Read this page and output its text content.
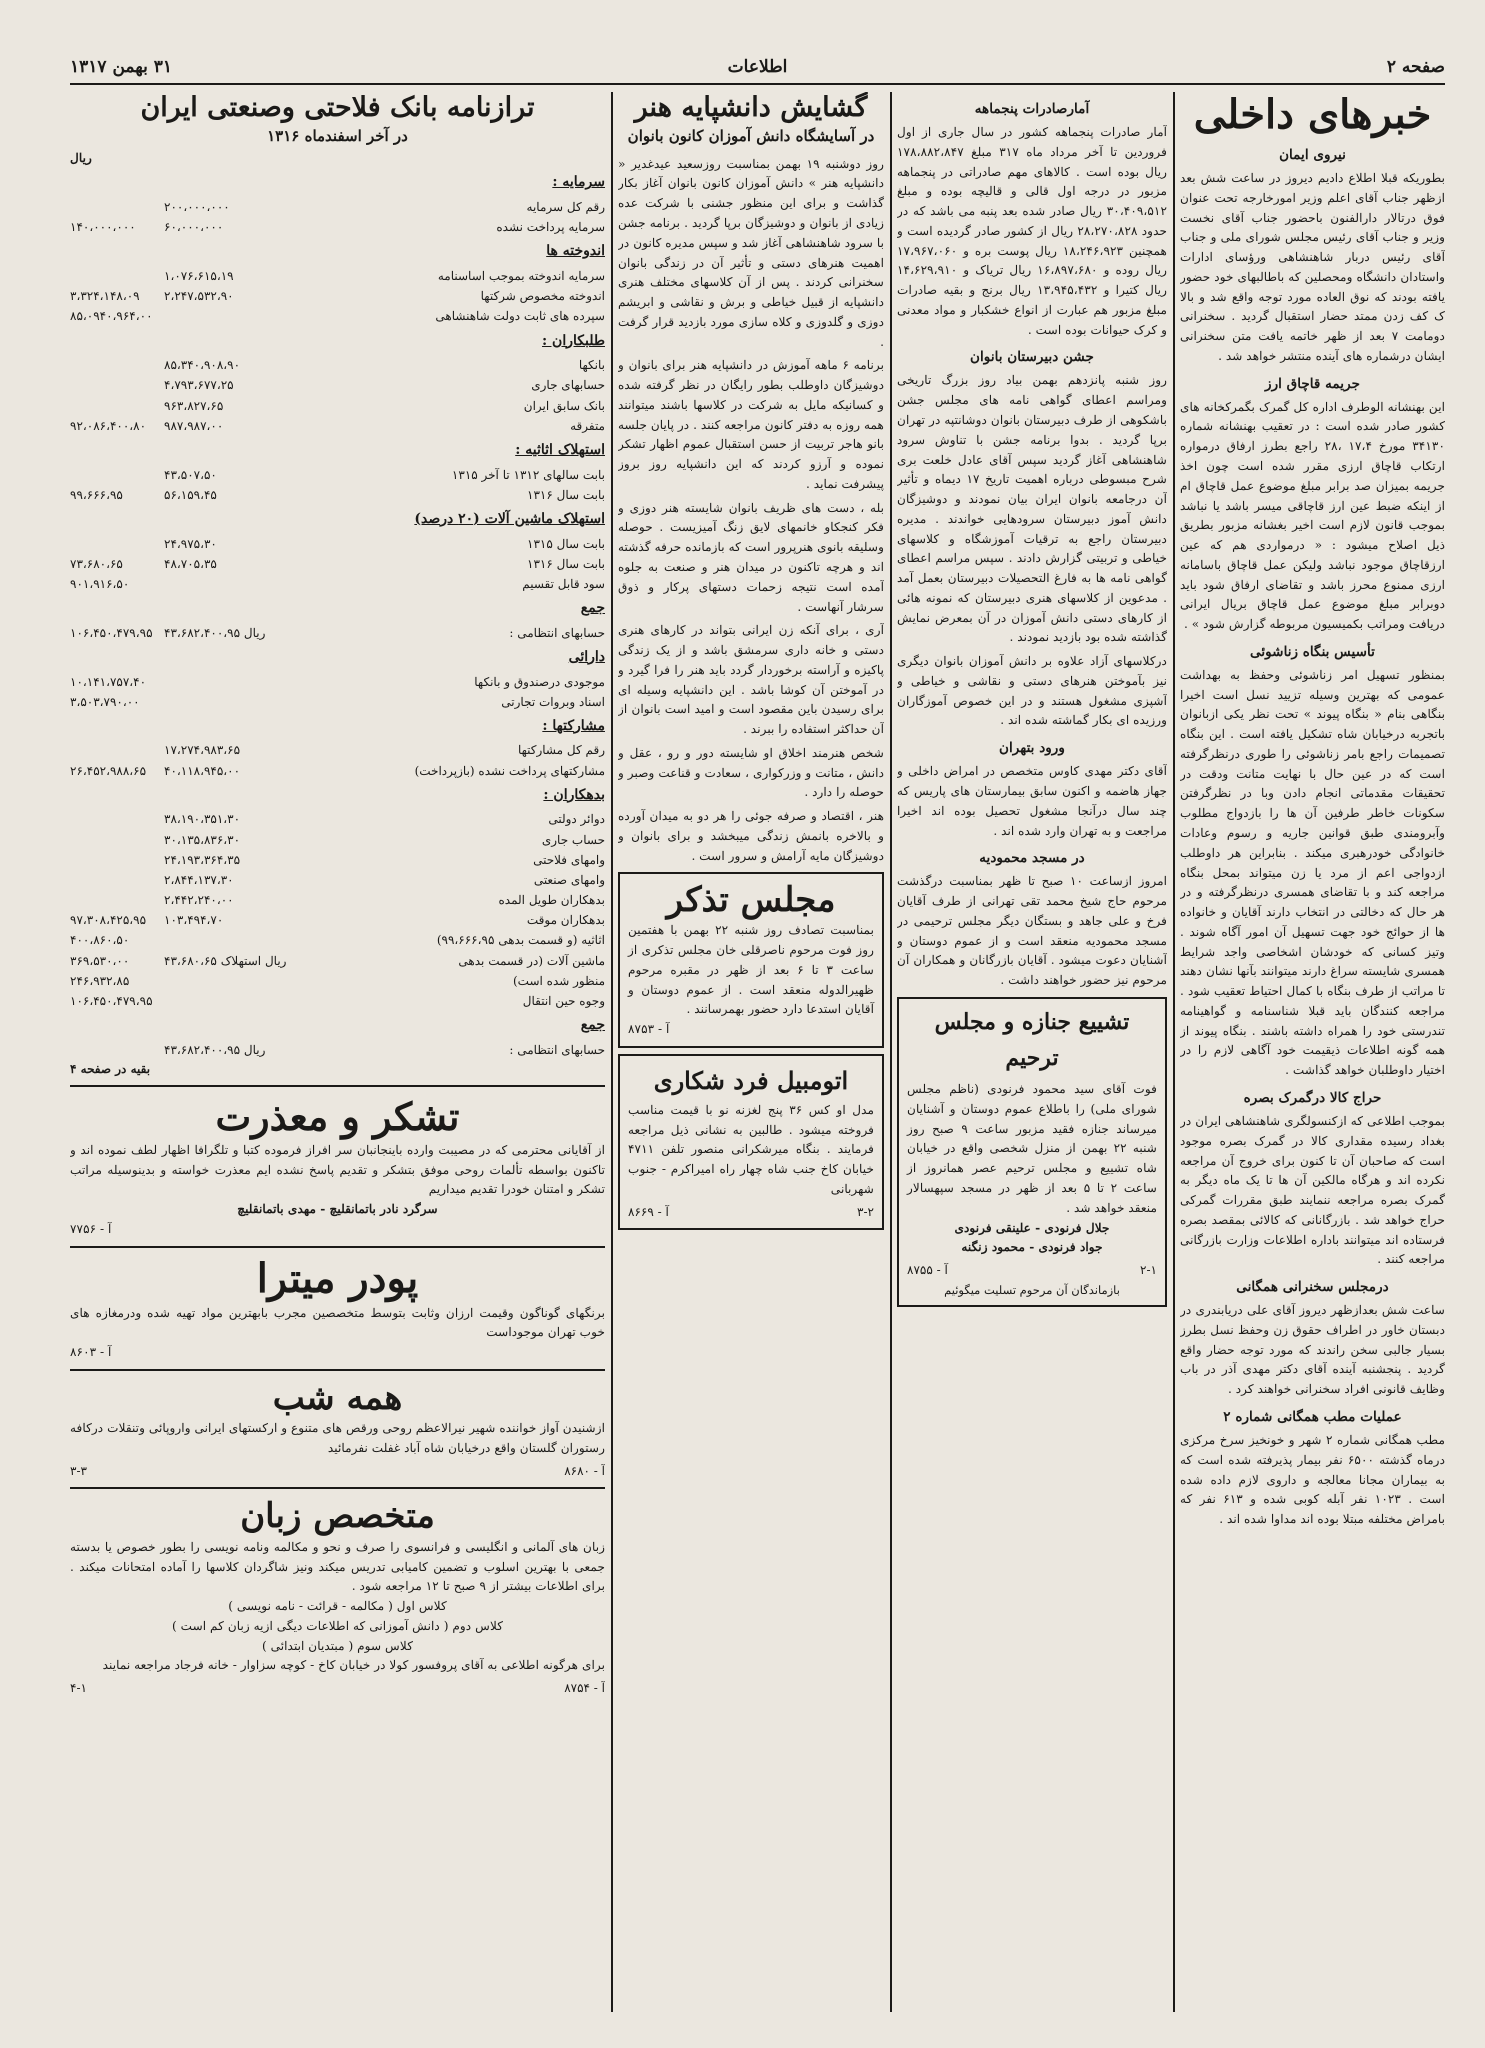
صفحه ۲
اطلاعات
۳۱ بهمن ۱۳۱۷
خبرهای داخلی
نیروی ایمان
بطوریکه قبلا اطلاع دادیم دیروز در ساعت شش بعد ازظهر جناب آقای اعلم وزیر امورخارجه تحت عنوان فوق درتالار دارالفنون باحضور جناب آقای نخست وزیر و جناب آقای رئیس مجلس شورای ملی و جناب آقای رئیس دربار شاهنشاهی ورؤسای ادارات واستادان دانشگاه ومحصلین که باطالبهای خود حضور یافته بودند که نوق العاده مورد توجه واقع شد و بالا ک کف زدن ممتد حضار استقبال گردید . سخنرانی دومامت ۷ بعد از ظهر خاتمه یافت متن سخنرانی ایشان درشماره های آینده منتشر خواهد شد .
جریمه قاچاق ارز
این بهنشانه الوطرف اداره کل گمرک بگمرکخانه های کشور صادر شده است : در تعقیب بهنشانه شماره ۳۴۱۳۰ مورخ ۱۷،۴ ،۲۸ راجع بطرز ارفاق درمواره ارتکاب قاچاق ارزی مقرر شده است چون اخذ جریمه بمیزان صد برابر مبلغ موضوع عمل قاچاق ام از اینکه ضبط عین ارز قاچاقی میسر باشد یا نباشد بموجب قانون لازم است اخیر بغشانه مزبور بطریق ذیل اصلاح میشود : « درمواردی هم که عین ارزقاچاق موجود نباشد ولیکن عمل قاچاق باسامانه ارزی ممنوع محرز باشد و تقاضای ارفاق شود باید دوبرابر مبلغ موضوع عمل قاچاق بریال ایرانی دریافت ومراتب بکمیسیون مربوطه گزارش شود » .
تأسیس بنگاه زناشوئی
بمنظور تسهیل امر زناشوئی وحفظ به بهداشت عمومی که بهترین وسیله تزیید نسل است اخیرا بنگاهی بنام « بنگاه پیوند » تحت نظر یکی ازبانوان باتجربه درخیابان شاه تشکیل یافته است . این بنگاه تصمیمات راجع بامر زناشوئی را طوری درنظرگرفته است که در عین حال با نهایت متانت ودقت در تحقیقات مقدماتی انجام دادن وبا در نظرگرفتن سکونات خاطر طرفین آن ها را بازدواج مطلوب وآبرومندی طبق قوانین جاریه و رسوم وعادات خانوادگی خودرهبری میکند . بنابراین هر داوطلب ازدواجی اعم از مرد یا زن میتواند بمحل بنگاه مراجعه کند و با تقاضای همسری درنظرگرفته و در هر حال که دخالتی در انتخاب دارند آقایان و خانواده ها از حوائج خود جهت تسهیل آن امور آگاه شوند . وتیز کسانی که خودشان اشخاصی واجد شرایط همسری شایسته سراغ دارند میتوانند بآنها نشان دهند تا مراتب از طرف بنگاه با کمال احتیاط تعقیب شود . مراجعه کنندگان باید قبلا شناسنامه و گواهینامه تندرستی خود را همراه داشته باشند . بنگاه پیوند از همه گونه اطلاعات ذیقیمت خود آگاهی لازم را در اختیار داوطلبان خواهد گذاشت .
حراج کالا درگمرک بصره
بموجب اطلاعی که ازکنسولگری شاهنشاهی ایران در بغداد رسیده مقداری کالا در گمرک بصره موجود است که صاحبان آن تا کنون برای خروج آن مراجعه نکرده اند و هرگاه مالکین آن ها تا یک ماه دیگر به گمرک بصره مراجعه ننمایند طبق مقررات گمرکی حراج خواهد شد . بازرگانانی که کالائی بمقصد بصره فرستاده اند میتوانند باداره اطلاعات وزارت بازرگانی مراجعه کنند .
درمجلس سخنرانی همگانی
ساعت شش بعدازظهر دیروز آقای علی دریابندری در دبستان خاور در اطراف حقوق زن وحفظ نسل بطرز بسیار جالبی سخن راندند که مورد توجه حضار واقع گردید . پنجشنبه آینده آقای دکتر مهدی آذر در باب وظایف قانونی افراد سخنرانی خواهند کرد .
عملیات مطب همگانی شماره ۲
مطب همگانی شماره ۲ شهر و خونخیز سرخ مرکزی درماه گذشته ۶۵۰۰ نفر بیمار پذیرفته شده است که به بیماران مجانا معالجه و داروی لازم داده شده است . ۱۰۲۳ نفر آبله کوبی شده و ۶۱۳ نفر که بامراض مختلفه مبتلا بوده اند مداوا شده اند .
آمارصادرات پنجماهه
آمار صادرات پنجماهه کشور در سال جاری از اول فروردین تا آخر مرداد ماه ۳۱۷ مبلغ ۱۷۸،۸۸۲،۸۴۷ ریال بوده است . کالاهای مهم صادراتی در پنجماهه مزبور در درجه اول قالی و قالیچه بوده و مبلغ ۳۰،۴۰۹،۵۱۲ ریال صادر شده بعد پنبه می باشد که در حدود ۲۸،۲۷۰،۸۲۸ ریال از کشور صادر گردیده است و همچنین ۱۸،۲۴۶،۹۲۳ ریال پوست بره و ۱۷،۹۶۷،۰۶۰ ریال روده و ۱۶،۸۹۷،۶۸۰ ریال تریاک و ۱۴،۶۲۹،۹۱۰ ریال کتیرا و ۱۳،۹۴۵،۴۳۲ ریال برنج و بقیه صادرات مبلغ مزبور هم عبارت از انواع خشکبار و مواد معدنی و کرک حیوانات بوده است .
جشن دبیرستان بانوان
روز شنبه پانزدهم بهمن بیاد روز بزرگ تاریخی ومراسم اعطای گواهی نامه های مجلس جشن باشکوهی از طرف دبیرستان بانوان دوشانتپه در تهران برپا گردید . بدوا برنامه جشن با تناوش سرود شاهنشاهی آغاز گردید سپس آقای عادل خلعت بری شرح مبسوطی درباره اهمیت تاریخ ۱۷ دیماه و تأثیر آن درجامعه بانوان ایران بیان نمودند و دوشیزگان دانش آموز دبیرستان سرودهایی خواندند . مدیره دبیرستان راجع به ترقیات آموزشگاه و کلاسهای خیاطی و تربیتی گزارش دادند . سپس مراسم اعطای گواهی نامه ها به فارغ التحصیلات دبیرستان بعمل آمد . مدعوین از کلاسهای هنری دبیرستان که نمونه هائی از کارهای دستی دانش آموزان در آن بمعرض نمایش گذاشته شده بود بازدید نمودند .
درکلاسهای آزاد علاوه بر دانش آموزان بانوان دیگری نیز بآموختن هنرهای دستی و نقاشی و خیاطی و آشپزی مشغول هستند و در این خصوص آموزگاران ورزیده ای بکار گماشته شده اند .
ورود بتهران
آقای دکتر مهدی کاوس متخصص در امراض داخلی و جهاز هاضمه و اکنون سابق بیمارستان های پاریس که چند سال درآنجا مشغول تحصیل بوده اند اخیرا مراجعت و به تهران وارد شده اند .
در مسجد محمودیه
امروز ازساعت ۱۰ صبح تا ظهر بمناسبت درگذشت مرحوم حاج شیخ محمد تقی تهرانی از طرف آقایان فرخ و علی جاهد و بستگان دیگر مجلس ترحیمی در مسجد محمودیه منعقد است و از عموم دوستان و آشنایان دعوت میشود . آقایان بازرگانان و همکاران آن مرحوم نیز حضور خواهند داشت .
تشییع جنازه و مجلس ترحیم
فوت آقای سید محمود فرنودی (ناظم مجلس شورای ملی) را باطلاع عموم دوستان و آشنایان میرساند جنازه فقید مزبور ساعت ۹ صبح روز شنبه ۲۲ بهمن از منزل شخصی واقع در خیابان شاه تشییع و مجلس ترحیم عصر همانروز از ساعت ۲ تا ۵ بعد از ظهر در مسجد سپهسالار منعقد خواهد شد .
جلال فرنودی - علینقی فرنودی
جواد فرنودی - محمود زنگنه
۲-۱
آ - ۸۷۵۵
بازماندگان آن مرحوم تسلیت میگوئیم
گشایش دانشپایه هنر
در آسایشگاه دانش آموزان کانون بانوان
روز دوشنبه ۱۹ بهمن بمناسبت روزسعید عیدغدیر « دانشپایه هنر » دانش آموزان کانون بانوان آغاز بکار گذاشت و برای این منظور جشنی با شرکت عده زیادی از بانوان و دوشیزگان برپا گردید . برنامه جشن با سرود شاهنشاهی آغاز شد و سپس مدیره کانون در اهمیت هنرهای دستی و تأثیر آن در زندگی بانوان سخنرانی کردند . پس از آن کلاسهای مختلف هنری دانشپایه از قبیل خیاطی و برش و نقاشی و ابریشم دوزی و گلدوزی و کلاه سازی مورد بازدید قرار گرفت .
برنامه ۶ ماهه آموزش در دانشپایه هنر برای بانوان و دوشیزگان داوطلب بطور رایگان در نظر گرفته شده و کسانیکه مایل به شرکت در کلاسها باشند میتوانند همه روزه به دفتر کانون مراجعه کنند . در پایان جلسه بانو هاجر تربیت از حسن استقبال عموم اظهار تشکر نموده و آرزو کردند که این دانشپایه روز بروز پیشرفت نماید .
بله ، دست های ظریف بانوان شایسته هنر دوزی و فکر کنجکاو خانمهای لایق زنگ آمیزیست . حوصله وسلیقه بانوی هنرپرور است که بازمانده حرفه گذشته اند و هرچه تاکنون در میدان هنر و صنعت به جلوه آمده است نتیجه زحمات دستهای پرکار و ذوق سرشار آنهاست .
آری ، برای آنکه زن ایرانی بتواند در کارهای هنری دستی و خانه داری سرمشق باشد و از یک زندگی پاکیزه و آراسته برخوردار گردد باید هنر را فرا گیرد و در آموختن آن کوشا باشد . این دانشپایه وسیله ای برای رسیدن باین مقصود است و امید است بانوان از آن حداکثر استفاده را ببرند .
شخص هنرمند اخلاق او شایسته دور و رو ، عقل و دانش ، متانت و وزرکواری ، سعادت و قناعت وصبر و حوصله را دارد .
هنر ، اقتصاد و صرفه جوئی را هر دو به میدان آورده و بالاخره بانمش زندگی میبخشد و برای بانوان و دوشیزگان مایه آرامش و سرور است .
مجلس تذکر
بمناسبت تصادف روز شنبه ۲۲ بهمن با هفتمین روز فوت مرحوم ناصرقلی خان مجلس تذکری از ساعت ۳ تا ۶ بعد از ظهر در مقبره مرحوم ظهیرالدوله منعقد است . از عموم دوستان و آقایان استدعا دارد حضور بهمرسانند .
آ - ۸۷۵۳
اتومبیل فرد شکاری
مدل او کس ۳۶ پنج لغزنه نو با قیمت مناسب فروخته میشود . طالبین به نشانی ذیل مراجعه فرمایند . بنگاه میرشکرانی منصور تلفن ۴۷۱۱ خیابان کاخ جنب شاه چهار راه امیراکرم - جنوب شهربانی
۳-۲
آ - ۸۶۶۹
ترازنامه بانک فلاحتی وصنعتی ایران
در آخر اسفندماه ۱۳۱۶
ریال
سرمایه :
رقم کل سرمایه
۲۰۰،۰۰۰،۰۰۰
سرمایه پرداخت نشده
۶۰،۰۰۰،۰۰۰
۱۴۰،۰۰۰،۰۰۰
اندوخته ها
سرمایه اندوخته بموجب اساسنامه
۱،۰۷۶،۶۱۵،۱۹
اندوخته مخصوص شرکتها
۲،۲۴۷،۵۳۲،۹۰
۳،۳۲۴،۱۴۸،۰۹
سپرده های ثابت دولت شاهنشاهی
۸۵،۰۹۴۰،۹۶۴،۰۰
طلبکاران :
بانکها
۸۵،۳۴۰،۹۰۸،۹۰
حسابهای جاری
۴،۷۹۳،۶۷۷،۲۵
بانک سابق ایران
۹۶۳،۸۲۷،۶۵
متفرقه
۹۸۷،۹۸۷،۰۰
۹۲،۰۸۶،۴۰۰،۸۰
استهلاک اثاثیه :
بابت سالهای ۱۳۱۲ تا آخر ۱۳۱۵
۴۳،۵۰۷،۵۰
بابت سال ۱۳۱۶
۵۶،۱۵۹،۴۵
۹۹،۶۶۶،۹۵
استهلاک ماشین آلات (۲۰ درصد)
بابت سال ۱۳۱۵
۲۴،۹۷۵،۳۰
بابت سال ۱۳۱۶
۴۸،۷۰۵،۳۵
۷۳،۶۸۰،۶۵
سود قابل تقسیم
۹۰۱،۹۱۶،۵۰
جمع
حسابهای انتظامی :
۴۳،۶۸۲،۴۰۰،۹۵ ریال
۱۰۶،۴۵۰،۴۷۹،۹۵
دارائی
موجودی درصندوق و بانکها
۱۰،۱۴۱،۷۵۷،۴۰
اسناد وبروات تجارتی
۳،۵۰۳،۷۹۰،۰۰
مشارکتها :
رقم کل مشارکتها
۱۷،۲۷۴،۹۸۳،۶۵
مشارکتهای پرداخت نشده (بازپرداخت)
۴۰،۱۱۸،۹۴۵،۰۰
۲۶،۴۵۲،۹۸۸،۶۵
بدهکاران :
دوائر دولتی
۳۸،۱۹۰،۳۵۱،۳۰
حساب جاری
۳۰،۱۳۵،۸۳۶،۳۰
وامهای فلاحتی
۲۴،۱۹۳،۳۶۴،۳۵
وامهای صنعتی
۲،۸۴۴،۱۳۷،۳۰
بدهکاران طویل المده
۲،۴۴۲،۲۴۰،۰۰
بدهکاران موقت
۱۰۳،۴۹۴،۷۰
۹۷،۳۰۸،۴۲۵،۹۵
اثاثیه (و قسمت بدهی ۹۹،۶۶۶،۹۵)
۴۰۰،۸۶۰،۵۰
ماشین آلات (در قسمت بدهی
۴۳،۶۸۰،۶۵ ریال استهلاک
۳۶۹،۵۳۰،۰۰
منظور شده است)
۲۴۶،۹۳۲،۸۵
وجوه حین انتقال
۱۰۶،۴۵۰،۴۷۹،۹۵
جمع
حسابهای انتظامی :
۴۳،۶۸۲،۴۰۰،۹۵ ریال
بقیه در صفحه ۴
تشکر و معذرت
از آقایانی محترمی که در مصیبت وارده باینجانبان سر افراز فرموده کتبا و تلگرافا اظهار لطف نموده اند و تاکنون بواسطه تألمات روحی موفق بتشکر و تقدیم پاسخ نشده ایم معذرت خواسته و بدینوسیله مراتب تشکر و امتنان خودرا تقدیم میداریم
سرگرد نادر باتمانقلیچ - مهدی باتمانقلیچ
آ - ۷۷۵۶
پودر میترا
برنگهای گوناگون وقیمت ارزان وثابت بتوسط متخصصین مجرب بابهترین مواد تهیه شده ودرمغازه های خوب تهران موجوداست
آ - ۸۶۰۳
همه شب
ازشنیدن آواز خواننده شهیر نیرالاعظم روحی ورقص های متنوع و ارکستهای ایرانی واروپائی وتنقلات درکافه رستوران گلستان واقع درخیابان شاه آباد غفلت نفرمائید
آ - ۸۶۸۰
۳-۳
متخصص زبان
زبان های آلمانی و انگلیسی و فرانسوی را صرف و نحو و مکالمه ونامه نویسی را بطور خصوص یا بدسته جمعی با بهترین اسلوب و تضمین کامیابی تدریس میکند ونیز شاگردان کلاسها را آماده امتحانات میکند . برای اطلاعات بیشتر از ۹ صبح تا ۱۲ مراجعه شود .
کلاس اول ( مکالمه - قرائت - نامه نویسی )
کلاس دوم ( دانش آموزانی که اطلاعات دیگی ازیه زبان کم است )
کلاس سوم ( مبتدیان ابتدائی )
برای هرگونه اطلاعی به آقای پروفسور کولا در خیابان کاخ - کوچه سزاوار - خانه فرجاد مراجعه نمایند
آ - ۸۷۵۴
۴-۱
